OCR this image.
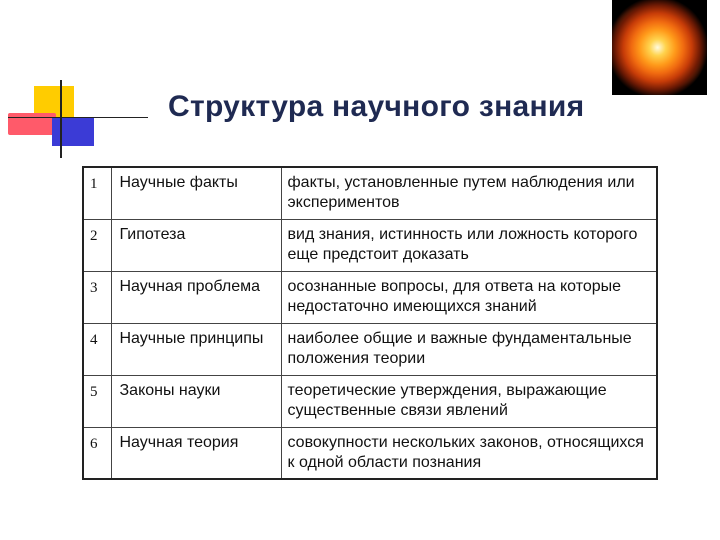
Структура научного знания
1	Научные факты	факты, установленные путем наблюдения или экспериментов
2	Гипотеза	вид знания, истинность или ложность которого еще предстоит доказать
3	Научная проблема	осознанные вопросы, для ответа на которые недостаточно имеющихся знаний
4	Научные принципы	наиболее общие и важные фундаментальные положения теории
5	Законы науки	теоретические утверждения, выражающие существенные связи явлений
6	Научная теория	совокупности нескольких законов, относящихся к одной области познания
